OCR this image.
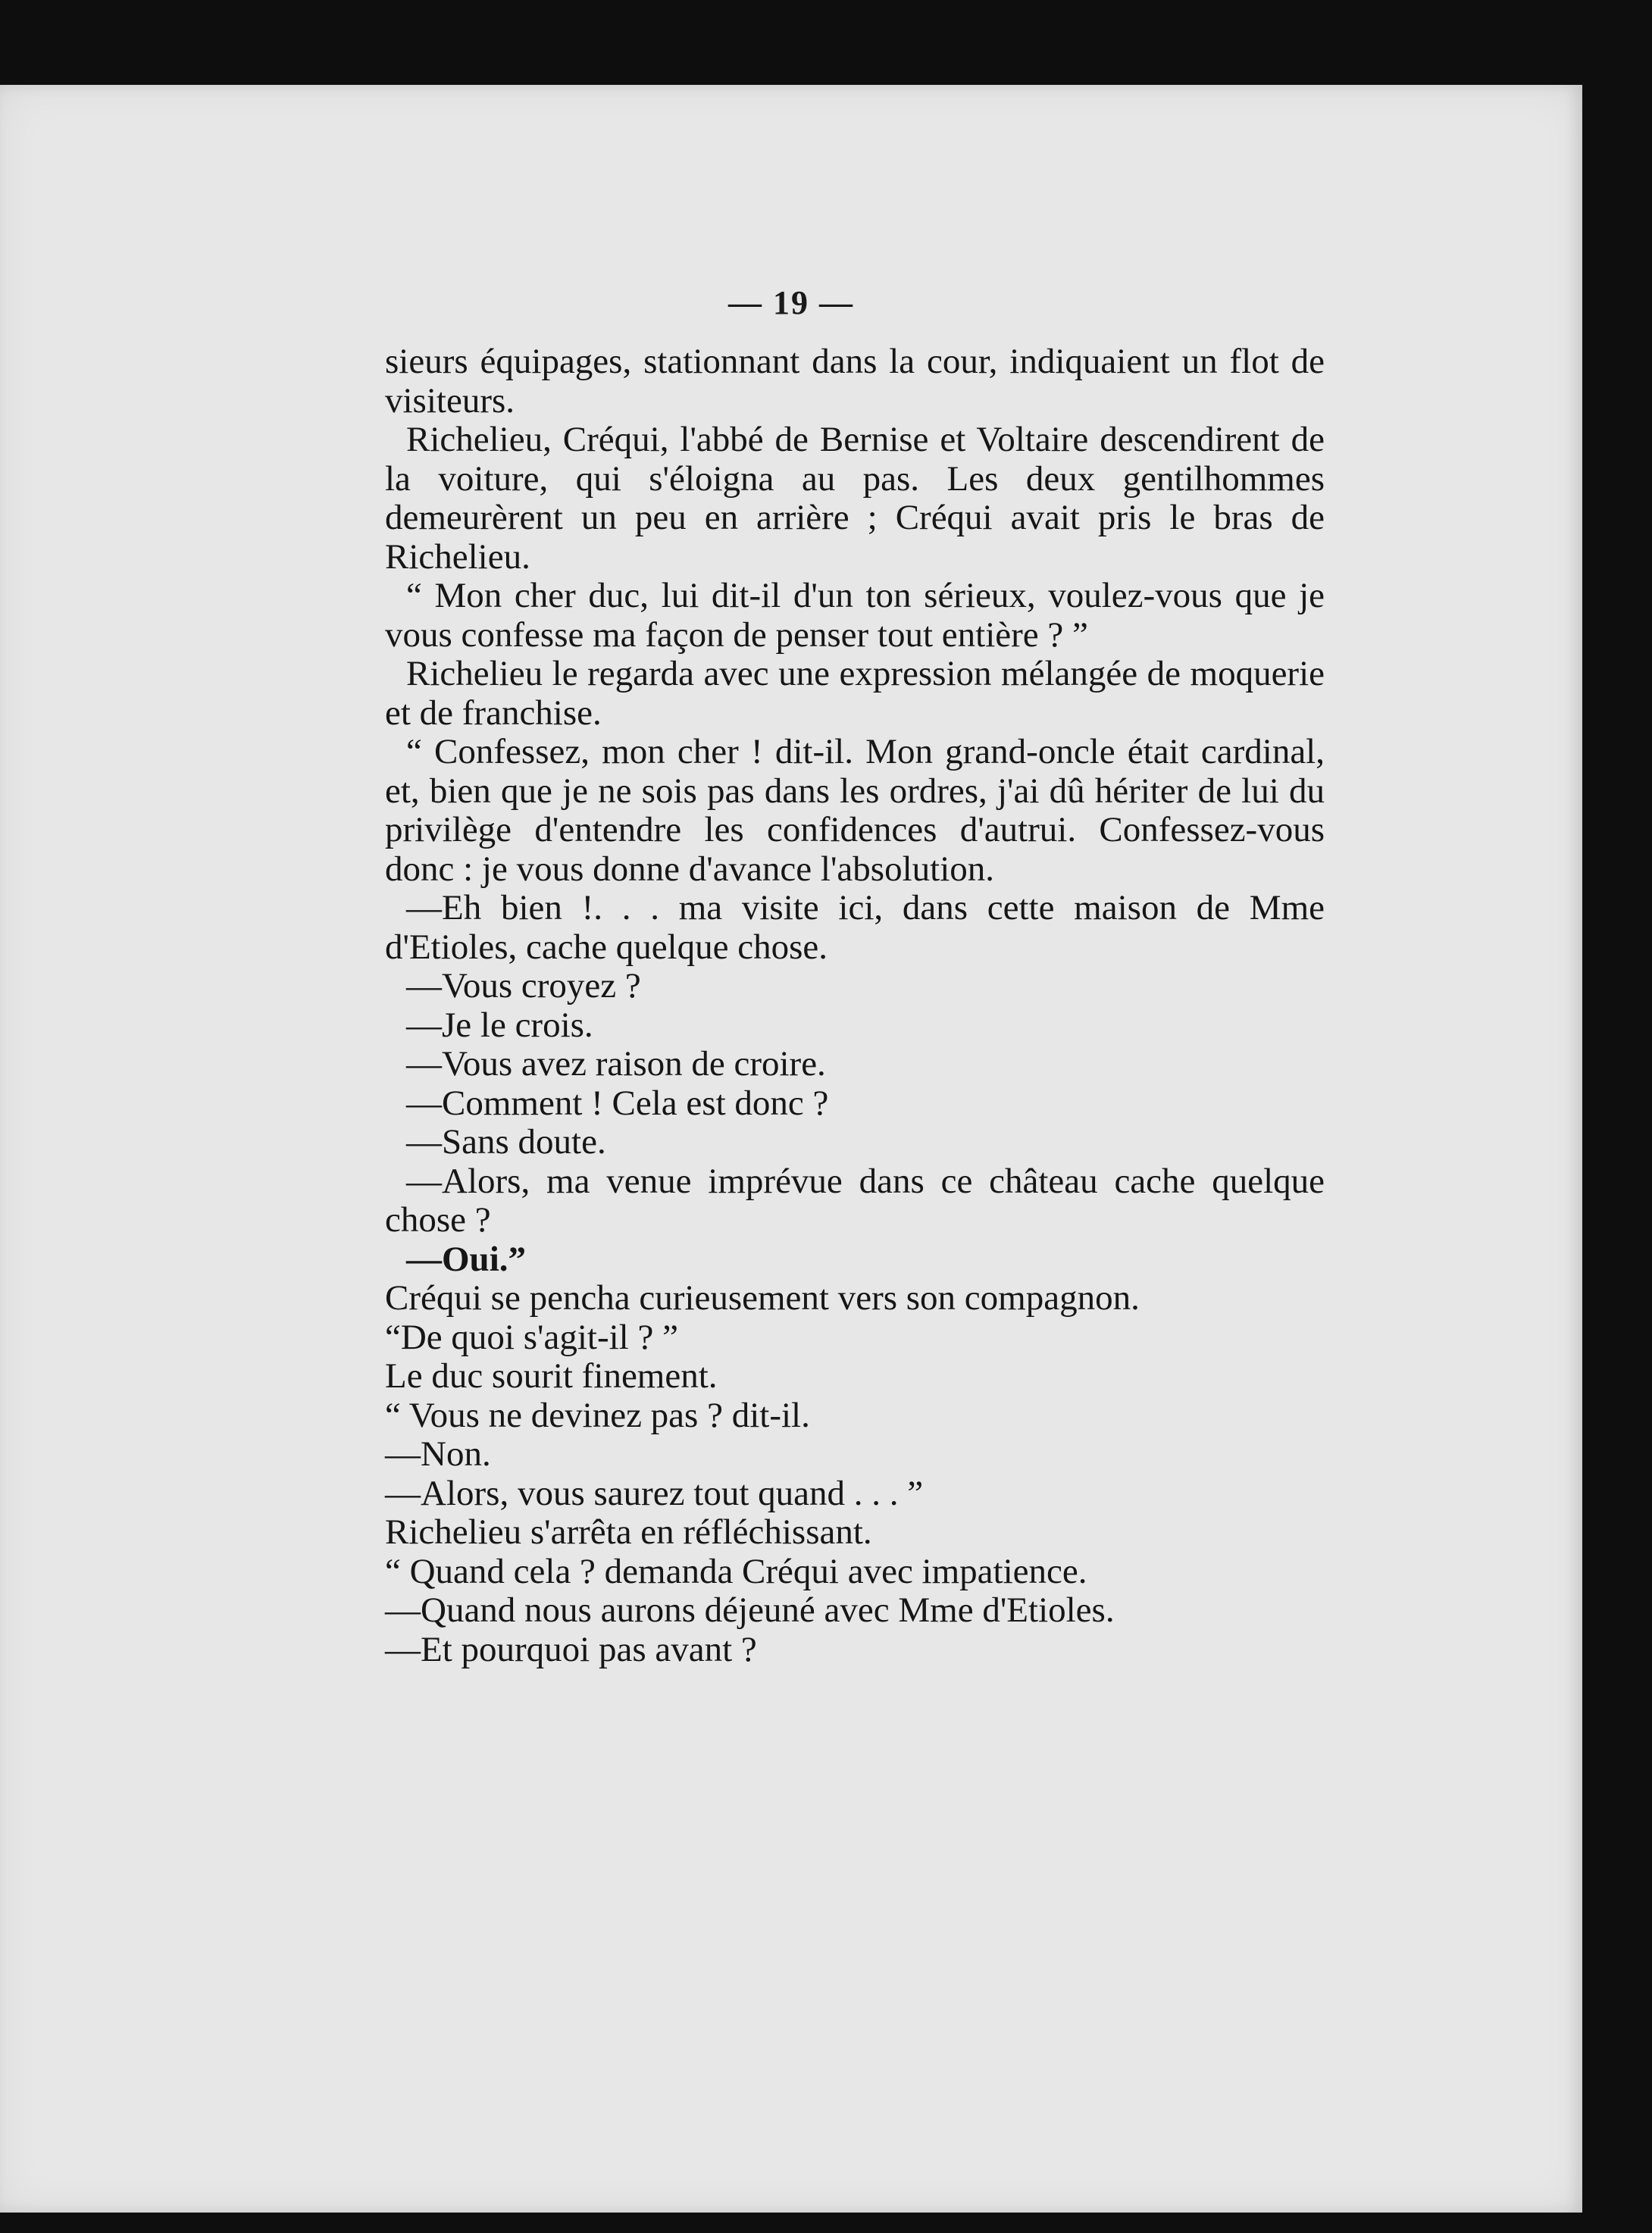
— 19 —

sieurs équipages, stationnant dans la cour, indiquaient un flot de visiteurs.

Richelieu, Créqui, l'abbé de Bernise et Voltaire descendirent de la voiture, qui s'éloigna au pas. Les deux gentilhommes demeurèrent un peu en arrière ; Créqui avait pris le bras de Richelieu.

“ Mon cher duc, lui dit-il d'un ton sérieux, voulez-vous que je vous confesse ma façon de penser tout entière ? ”

Richelieu le regarda avec une expression mélangée de moquerie et de franchise.

“ Confessez, mon cher ! dit-il. Mon grand-oncle était cardinal, et, bien que je ne sois pas dans les ordres, j'ai dû hériter de lui du privilège d'entendre les confidences d'autrui. Confessez-vous donc : je vous donne d'avance l'absolution.

—Eh bien !. . . ma visite ici, dans cette maison de Mme d'Etioles, cache quelque chose.

—Vous croyez ?

—Je le crois.

—Vous avez raison de croire.

—Comment ! Cela est donc ?

—Sans doute.

—Alors, ma venue imprévue dans ce château cache quelque chose ?

—Oui.”

Créqui se pencha curieusement vers son compagnon.

“De quoi s'agit-il ? ”

Le duc sourit finement.

“ Vous ne devinez pas ? dit-il.

—Non.

—Alors, vous saurez tout quand . . . ”

Richelieu s'arrêta en réfléchissant.

“ Quand cela ? demanda Créqui avec impatience.

—Quand nous aurons déjeuné avec Mme d'Etioles.

—Et pourquoi pas avant ?
